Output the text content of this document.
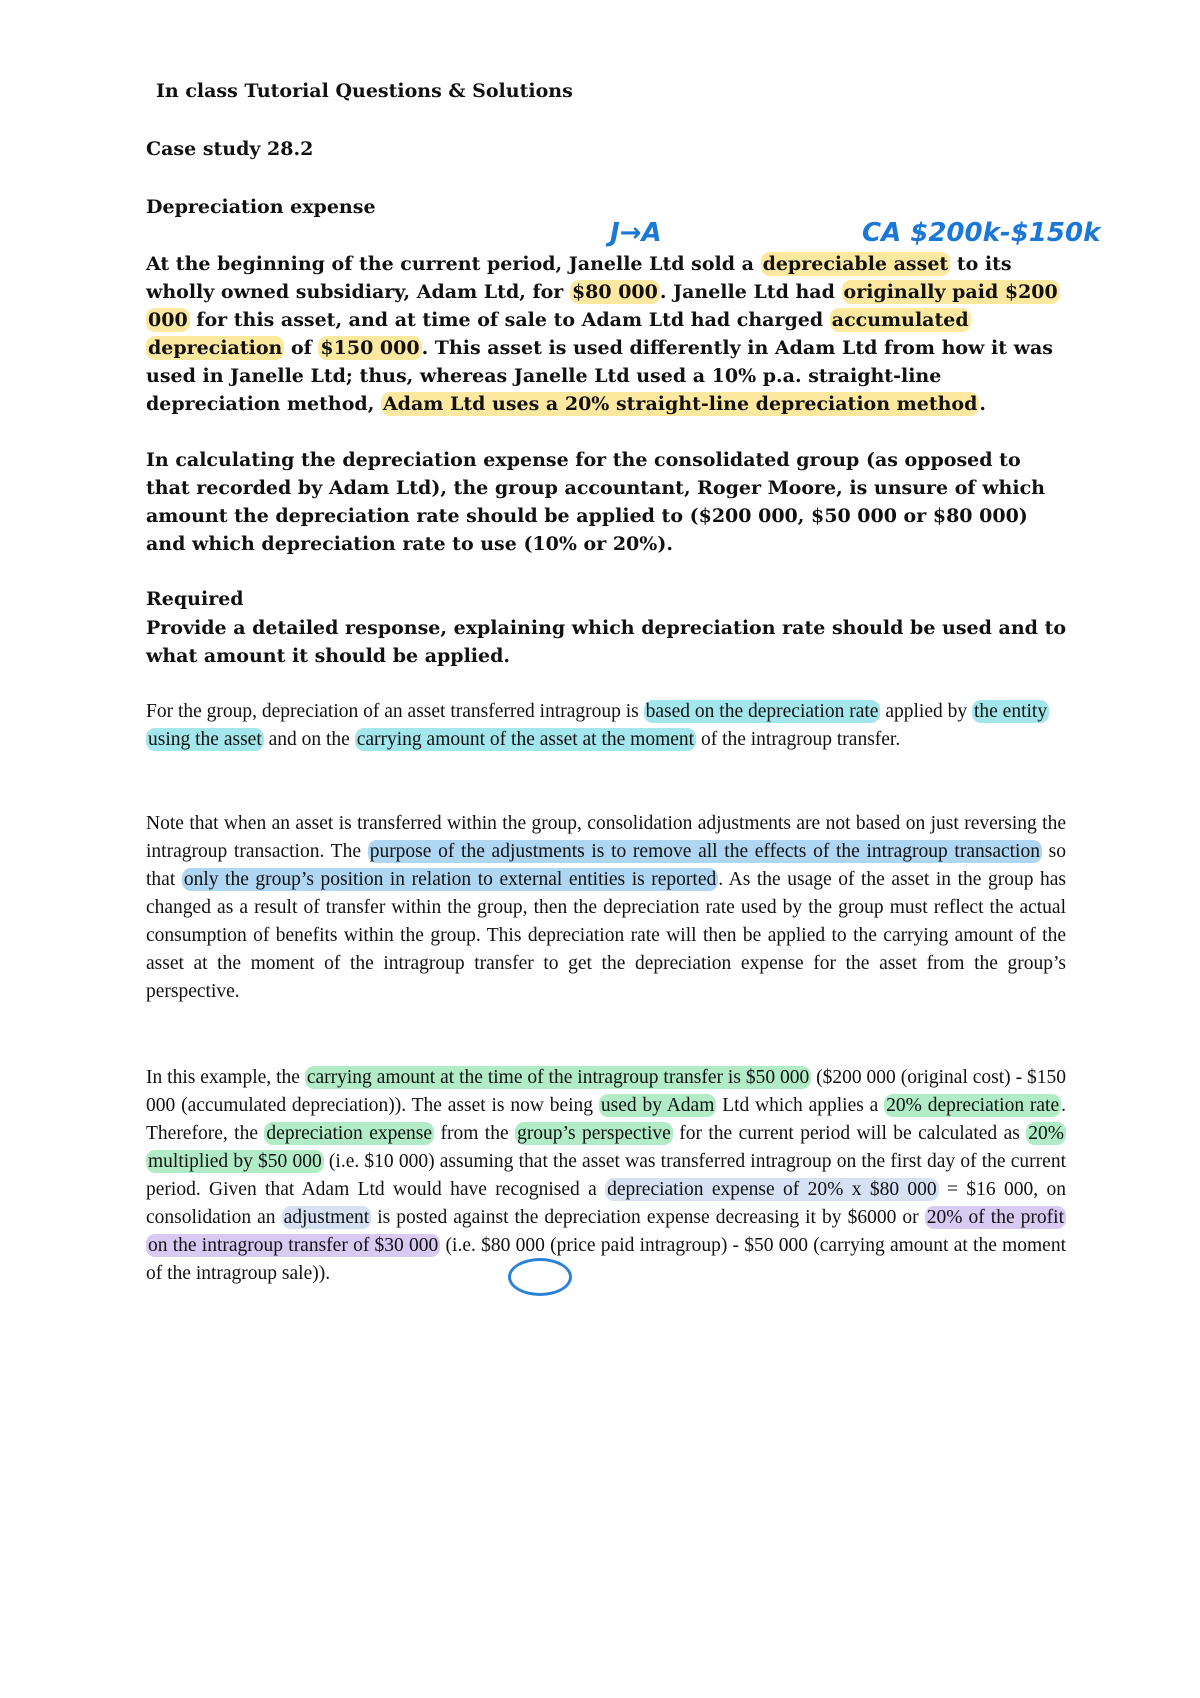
In class Tutorial Questions & Solutions
Case study 28.2
Depreciation expense
J→A	CA $200k-$150k
At the beginning of the current period, Janelle Ltd sold a depreciable asset to its wholly owned subsidiary, Adam Ltd, for $80 000 . Janelle Ltd had originally paid $200 000 for this asset, and at time of sale to Adam Ltd had charged accumulated depreciation of $150 000 . This asset is used differently in Adam Ltd from how it was used in Janelle Ltd; thus, whereas Janelle Ltd used a 10% p.a. straight-line depreciation method, Adam Ltd uses a 20% straight-line depreciation method .
In calculating the depreciation expense for the consolidated group (as opposed to that recorded by Adam Ltd), the group accountant, Roger Moore, is unsure of which amount the depreciation rate should be applied to ($200 000, $50 000 or $80 000) and which depreciation rate to use (10% or 20%).
Required
Provide a detailed response, explaining which depreciation rate should be used and to what amount it should be applied.
For the group, depreciation of an asset transferred intragroup is based on the depreciation rate applied by the entity using the asset and on the carrying amount of the asset at the moment of the intragroup transfer.
Note that when an asset is transferred within the group, consolidation adjustments are not based on just reversing the intragroup transaction. The purpose of the adjustments is to remove all the effects of the intragroup transaction so that only the group’s position in relation to external entities is reported . As the usage of the asset in the group has changed as a result of transfer within the group, then the depreciation rate used by the group must reflect the actual consumption of benefits within the group. This depreciation rate will then be applied to the carrying amount of the asset at the moment of the intragroup transfer to get the depreciation expense for the asset from the group’s perspective.
In this example, the carrying amount at the time of the intragroup transfer is $50 000 ($200 000 (original cost) - $150 000 (accumulated depreciation)). The asset is now being used by Adam Ltd which applies a 20% depreciation rate . Therefore, the depreciation expense from the group’s perspective for the current period will be calculated as 20% multiplied by $50 000 (i.e. $10 000) assuming that the asset was transferred intragroup on the first day of the current period. Given that Adam Ltd would have recognised a depreciation expense of 20% x $80 000 = $16 000, on consolidation an adjustment is posted against the depreciation expense decreasing it by $6000 or 20% of the profit on the intragroup transfer of $30 000 (i.e. $80 000 (price paid intragroup) - $50 000 (carrying amount at the moment of the intragroup sale)).
